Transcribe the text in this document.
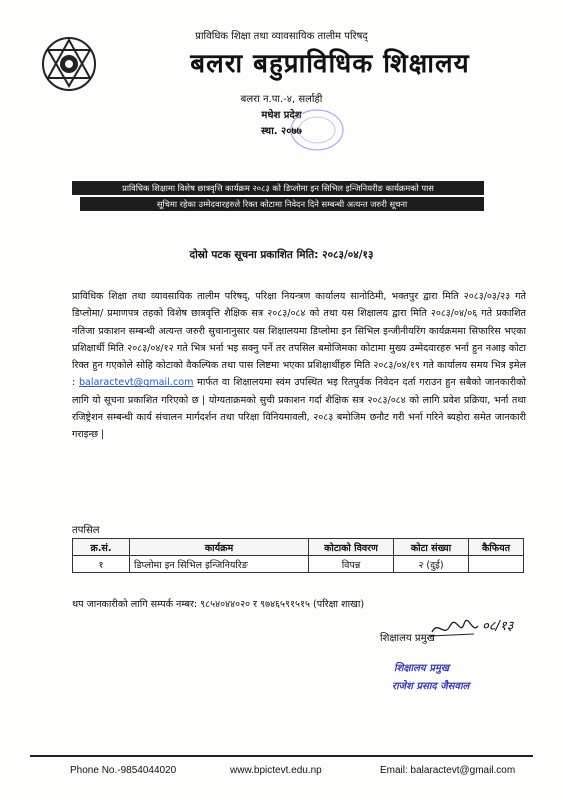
प्राविधिक शिक्षा तथा व्यावसायिक तालीम परिषद्
बलरा बहुप्राविधिक शिक्षालय
बलरा न.पा.-४, सर्लाही
मधेश प्रदेश
स्था. २०७७
प्राविधिक शिक्षामा विशेष छात्रवृत्ति कार्यक्रम २०८३ को डिप्लोमा इन सिभिल इन्जिनियरीङ कार्यक्रमको पास
सूचिमा रहेका उम्मेदवारहरुले रिक्त कोटामा निवेदन दिने सम्बन्धी अत्यन्त जरुरी सूचना
दोस्रो पटक सूचना प्रकाशित मिति: २०८३/०४/१३

प्राविधिक शिक्षा तथा व्यावसायिक तालीम परिषद्, परिक्षा नियन्त्रण कार्यालय सानोठिमी, भक्तपुर द्वारा मिति २०८३/०३/२३ गते डिप्लोमा/ प्रमाणपत्र तहको विशेष छात्रवृत्ति शैक्षिक सत्र २०८३/०८४ को तथा यस शिक्षालय द्वारा मिति २०८३/०४/०६ गते प्रकाशित नतिजा प्रकाशन सम्बन्धी अत्यन्त जरुरी सुचानानुसार यस शिक्षालयमा डिप्लोमा इन सिभिल इन्जीनीयरिंग कार्यक्रममा सिफारिस भएका प्रशिक्षार्थी मिति २०८३/०४/१२ गते भित्र भर्ना भइ सक्नु पर्ने तर तपसिल बमोजिमका कोटामा मुख्य उम्मेदवारहरु भर्ना हुन नआइ कोटा रिक्त हुन गएकोले सोहि कोटाको वैकल्पिक तथा पास लिष्टमा भएका प्रशिक्षार्थीहरु मिति २०८३/०४/१९ गते कार्यालय समय भित्र इमेल : balaractevt@gmail.com मार्फत वा शिक्षालयमा स्वंम उपस्थित भइ रितपुर्वक निवेदन दर्ता गराउन हुन सबैको जानकारीको लागि यो सूचना प्रकाशित गरिएको छ | योग्यताक्रमको सुची प्रकाशन गर्दा शैक्षिक सत्र २०८३/०८४ को लागि प्रवेश प्रक्रिया, भर्ना तथा रजिष्ट्रेशन सम्बन्धी कार्य संचालन मार्गदर्शन तथा परिक्षा विनियमावली, २०८३ बमोजिम छनौट गरी भर्ना गरिने ब्यहोरा समेत जानकारी गराइन्छ |

तपसिल
क्र.सं.	कार्यक्रम	कोटाको विवरण	कोटा संख्या	कैफियत
१	डिप्लोमा इन सिभिल इन्जिनियरिङ	विपन्न	२ (दुई)	
थप जानकारीको लागि सम्पर्क नम्बर: ९८५४०४४०२० र ९७४६५९१५१५ (परिक्षा शाखा)
०८/१३
शिक्षालय प्रमुख
शिक्षालय प्रमुख
राजेश प्रसाद जैसवाल
Phone No.-9854044020	www.bpictevt.edu.np	Email: balaractevt@gmail.com
